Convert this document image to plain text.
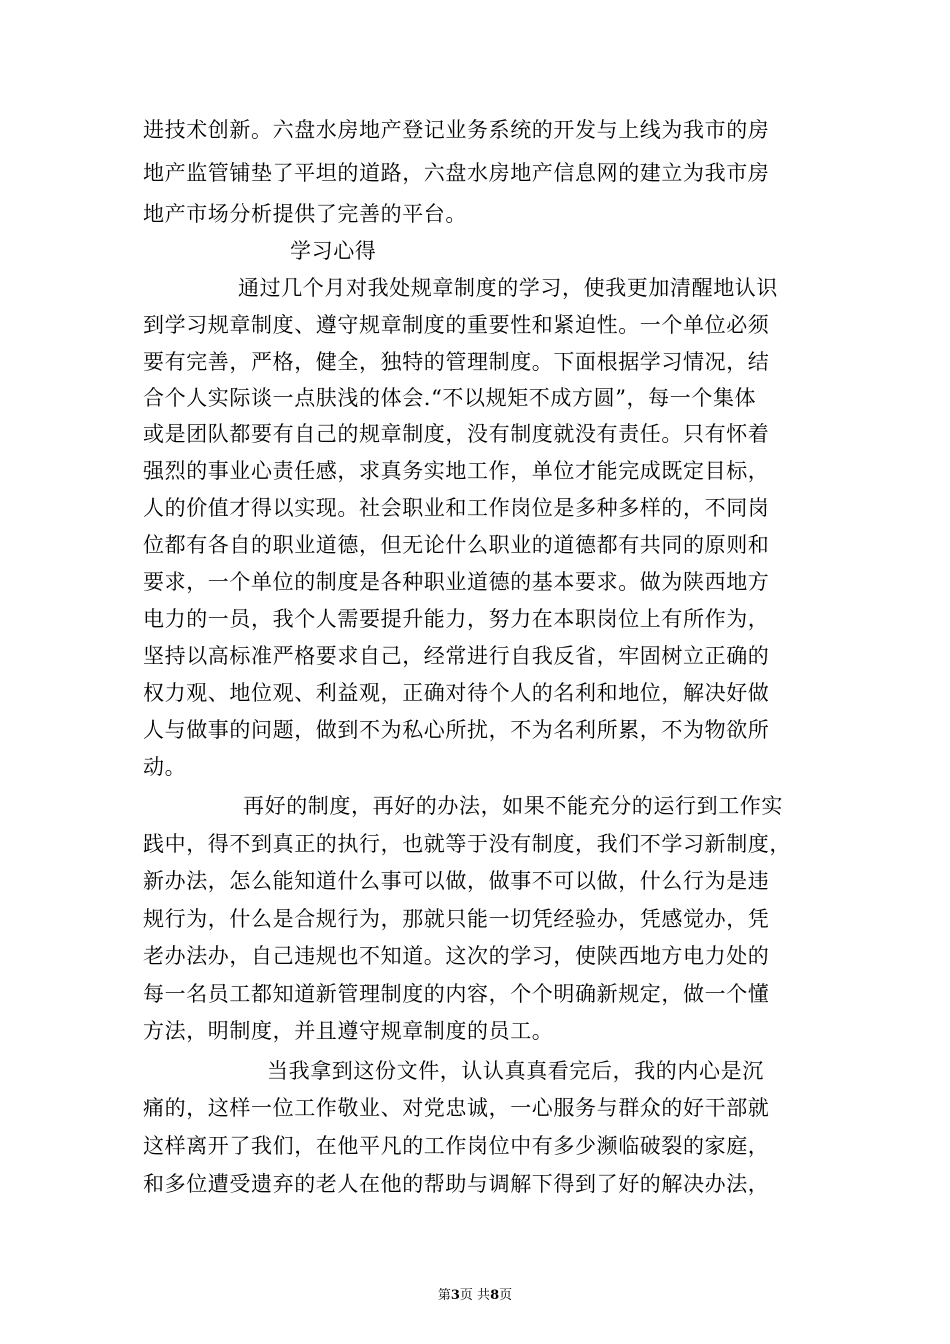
进技术创新。六盘水房地产登记业务系统的开发与上线为我市的房
地产监管铺垫了平坦的道路，六盘水房地产信息网的建立为我市房
地产市场分析提供了完善的平台。
学习心得
通过几个月对我处规章制度的学习，使我更加清醒地认识
到学习规章制度、遵守规章制度的重要性和紧迫性。一个单位必须
要有完善，严格，健全，独特的管理制度。下面根据学习情况，结
合个人实际谈一点肤浅的体会.“不以规矩不成方圆”，每一个集体
或是团队都要有自己的规章制度，没有制度就没有责任。只有怀着
强烈的事业心责任感，求真务实地工作，单位才能完成既定目标，
人的价值才得以实现。社会职业和工作岗位是多种多样的，不同岗
位都有各自的职业道德，但无论什么职业的道德都有共同的原则和
要求，一个单位的制度是各种职业道德的基本要求。做为陕西地方
电力的一员，我个人需要提升能力，努力在本职岗位上有所作为，
坚持以高标准严格要求自己，经常进行自我反省，牢固树立正确的
权力观、地位观、利益观，正确对待个人的名利和地位，解决好做
人与做事的问题，做到不为私心所扰，不为名利所累，不为物欲所
动。
再好的制度，再好的办法，如果不能充分的运行到工作实
践中，得不到真正的执行，也就等于没有制度，我们不学习新制度，
新办法，怎么能知道什么事可以做，做事不可以做，什么行为是违
规行为，什么是合规行为，那就只能一切凭经验办，凭感觉办，凭
老办法办，自己违规也不知道。这次的学习，使陕西地方电力处的
每一名员工都知道新管理制度的内容，个个明确新规定，做一个懂
方法，明制度，并且遵守规章制度的员工。
当我拿到这份文件，认认真真看完后，我的内心是沉
痛的，这样一位工作敬业、对党忠诚，一心服务与群众的好干部就
这样离开了我们，在他平凡的工作岗位中有多少濒临破裂的家庭，
和多位遭受遗弃的老人在他的帮助与调解下得到了好的解决办法，
第3页 共8页
